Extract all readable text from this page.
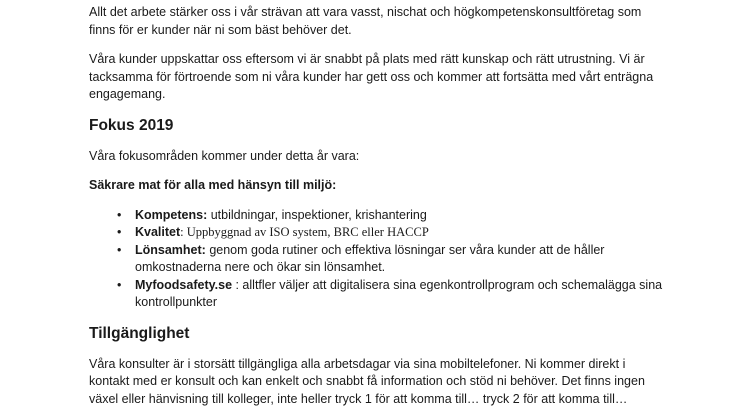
Allt det arbete stärker oss i vår strävan att vara vasst, nischat och högkompetenskonsultföretag som finns för er kunder när ni som bäst behöver det.

Våra kunder uppskattar oss eftersom vi är snabbt på plats med rätt kunskap och rätt utrustning. Vi är tacksamma för förtroende som ni våra kunder har gett oss och kommer att fortsätta med vårt enträgna engagemang.

Fokus 2019

Våra fokusområden kommer under detta år vara:

Säkrare mat för alla med hänsyn till miljö:

• Kompetens: utbildningar, inspektioner, krishantering
• Kvalitet: Uppbyggnad av ISO system, BRC eller HACCP
• Lönsamhet: genom goda rutiner och effektiva lösningar ser våra kunder att de håller omkostnaderna nere och ökar sin lönsamhet.
• Myfoodsafety.se : alltfler väljer att digitalisera sina egenkontrollprogram och schemalägga sina kontrollpunkter
Tillgänglighet

Våra konsulter är i storsätt tillgängliga alla arbetsdagar via sina mobiltelefoner. Ni kommer direkt i kontakt med er konsult och kan enkelt och snabbt få information och stöd ni behöver. Det finns ingen växel eller hänvisning till kolleger, inte heller tryck 1 för att komma till… tryck 2 för att komma till…
